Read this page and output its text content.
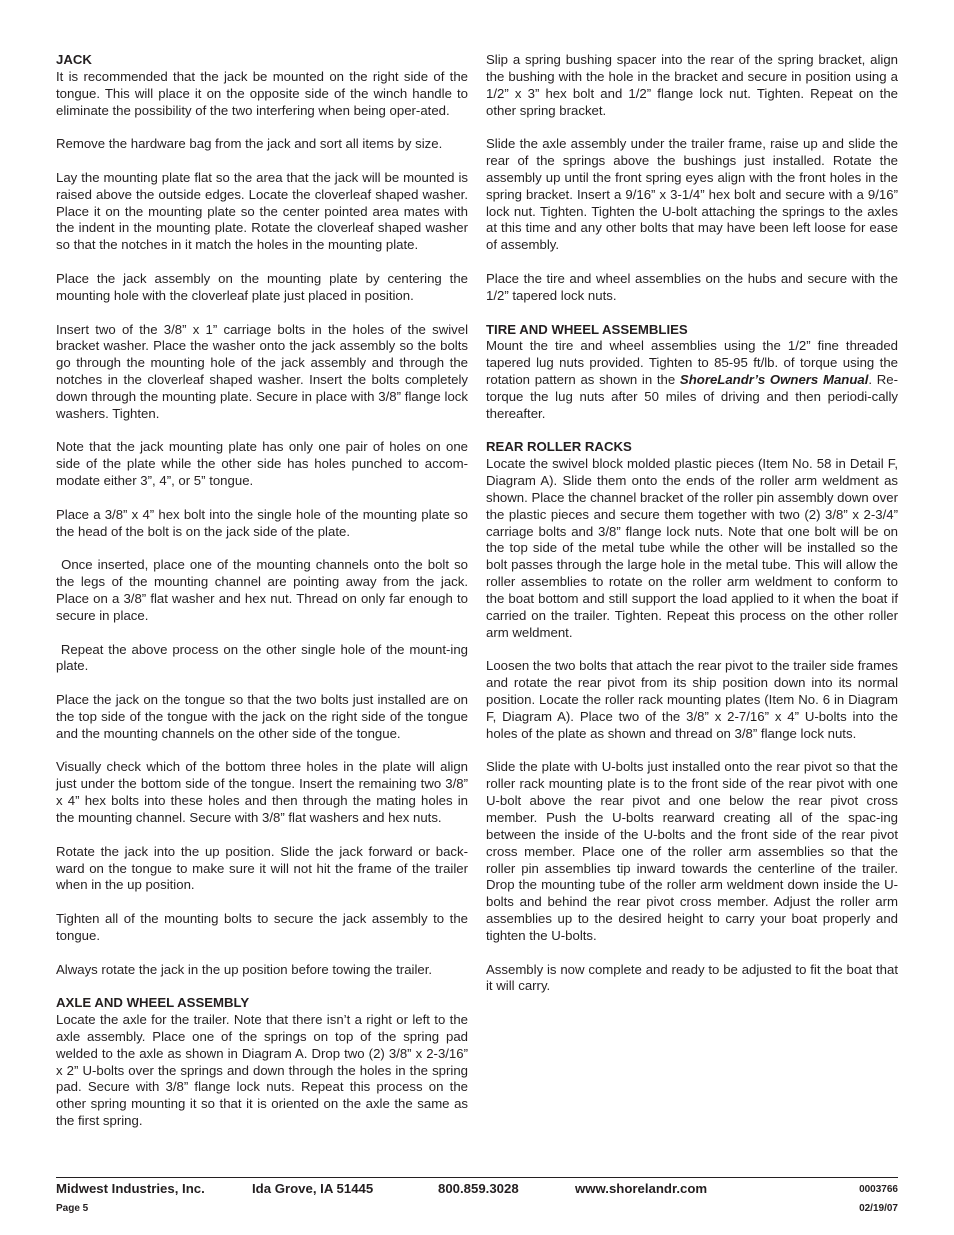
JACK

It is recommended that the jack be mounted on the right side of the tongue. This will place it on the opposite side of the winch handle to eliminate the possibility of the two interfering when being oper-ated.

Remove the hardware bag from the jack and sort all items by size.

Lay the mounting plate flat so the area that the jack will be mounted is raised above the outside edges. Locate the cloverleaf shaped washer. Place it on the mounting plate so the center pointed area mates with the indent in the mounting plate. Rotate the cloverleaf shaped washer so that the notches in it match the holes in the mounting plate.

Place the jack assembly on the mounting plate by centering the mounting hole with the cloverleaf plate just placed in position.

Insert two of the 3/8” x 1” carriage bolts in the holes of the swivel bracket washer. Place the washer onto the jack assembly so the bolts go through the mounting hole of the jack assembly and through the notches in the cloverleaf shaped washer. Insert the bolts completely down through the mounting plate. Secure in place with 3/8” flange lock washers. Tighten.

Note that the jack mounting plate has only one pair of holes on one side of the plate while the other side has holes punched to accom-modate either 3”, 4”, or 5” tongue.

Place a 3/8” x 4” hex bolt into the single hole of the mounting plate so the head of the bolt is on the jack side of the plate.

Once inserted, place one of the mounting channels onto the bolt so the legs of the mounting channel are pointing away from the jack. Place on a 3/8” flat washer and hex nut. Thread on only far enough to secure in place.

Repeat the above process on the other single hole of the mount-ing plate.

Place the jack on the tongue so that the two bolts just installed are on the top side of the tongue with the jack on the right side of the tongue and the mounting channels on the other side of the tongue.

Visually check which of the bottom three holes in the plate will align just under the bottom side of the tongue. Insert the remaining two 3/8” x 4” hex bolts into these holes and then through the mating holes in the mounting channel. Secure with 3/8” flat washers and hex nuts.

Rotate the jack into the up position. Slide the jack forward or back-ward on the tongue to make sure it will not hit the frame of the trailer when in the up position.

Tighten all of the mounting bolts to secure the jack assembly to the tongue.

Always rotate the jack in the up position before towing the trailer.

AXLE AND WHEEL ASSEMBLY

Locate the axle for the trailer. Note that there isn’t a right or left to the axle assembly. Place one of the springs on top of the spring pad welded to the axle as shown in Diagram A. Drop two (2) 3/8” x 2-3/16” x 2” U-bolts over the springs and down through the holes in the spring pad. Secure with 3/8” flange lock nuts. Repeat this process on the other spring mounting it so that it is oriented on the axle the same as the first spring.

Slip a spring bushing spacer into the rear of the spring bracket, align the bushing with the hole in the bracket and secure in position using a 1/2” x 3” hex bolt and 1/2” flange lock nut. Tighten. Repeat on the other spring bracket.

Slide the axle assembly under the trailer frame, raise up and slide the rear of the springs above the bushings just installed. Rotate the assembly up until the front spring eyes align with the front holes in the spring bracket. Insert a 9/16” x 3-1/4” hex bolt and secure with a 9/16” lock nut. Tighten. Tighten the U-bolt attaching the springs to the axles at this time and any other bolts that may have been left loose for ease of assembly.

Place the tire and wheel assemblies on the hubs and secure with the 1/2” tapered lock nuts.

TIRE AND WHEEL ASSEMBLIES

Mount the tire and wheel assemblies using the 1/2” fine threaded tapered lug nuts provided. Tighten to 85-95 ft/lb. of torque using the rotation pattern as shown in the ShoreLandr’s Owners Manual. Re-torque the lug nuts after 50 miles of driving and then periodi-cally thereafter.

REAR ROLLER RACKS

Locate the swivel block molded plastic pieces (Item No. 58 in Detail F, Diagram A). Slide them onto the ends of the roller arm weldment as shown. Place the channel bracket of the roller pin assembly down over the plastic pieces and secure them together with two (2) 3/8” x 2-3/4” carriage bolts and 3/8” flange lock nuts. Note that one bolt will be on the top side of the metal tube while the other will be installed so the bolt passes through the large hole in the metal tube. This will allow the roller assemblies to rotate on the roller arm weldment to conform to the boat bottom and still support the load applied to it when the boat if carried on the trailer. Tighten. Repeat this process on the other roller arm weldment.

Loosen the two bolts that attach the rear pivot to the trailer side frames and rotate the rear pivot from its ship position down into its normal position. Locate the roller rack mounting plates (Item No. 6 in Diagram F, Diagram A). Place two of the 3/8” x 2-7/16” x 4” U-bolts into the holes of the plate as shown and thread on 3/8” flange lock nuts.

Slide the plate with U-bolts just installed onto the rear pivot so that the roller rack mounting plate is to the front side of the rear pivot with one U-bolt above the rear pivot and one below the rear pivot cross member. Push the U-bolts rearward creating all of the spac-ing between the inside of the U-bolts and the front side of the rear pivot cross member. Place one of the roller arm assemblies so that the roller pin assemblies tip inward towards the centerline of the trailer. Drop the mounting tube of the roller arm weldment down inside the U-bolts and behind the rear pivot cross member. Adjust the roller arm assemblies up to the desired height to carry your boat properly and tighten the U-bolts.

Assembly is now complete and ready to be adjusted to fit the boat that it will carry.

Midwest Industries, Inc.	Ida Grove, IA 51445	800.859.3028	www.shorelandr.com	0003766
Page 5	02/19/07
